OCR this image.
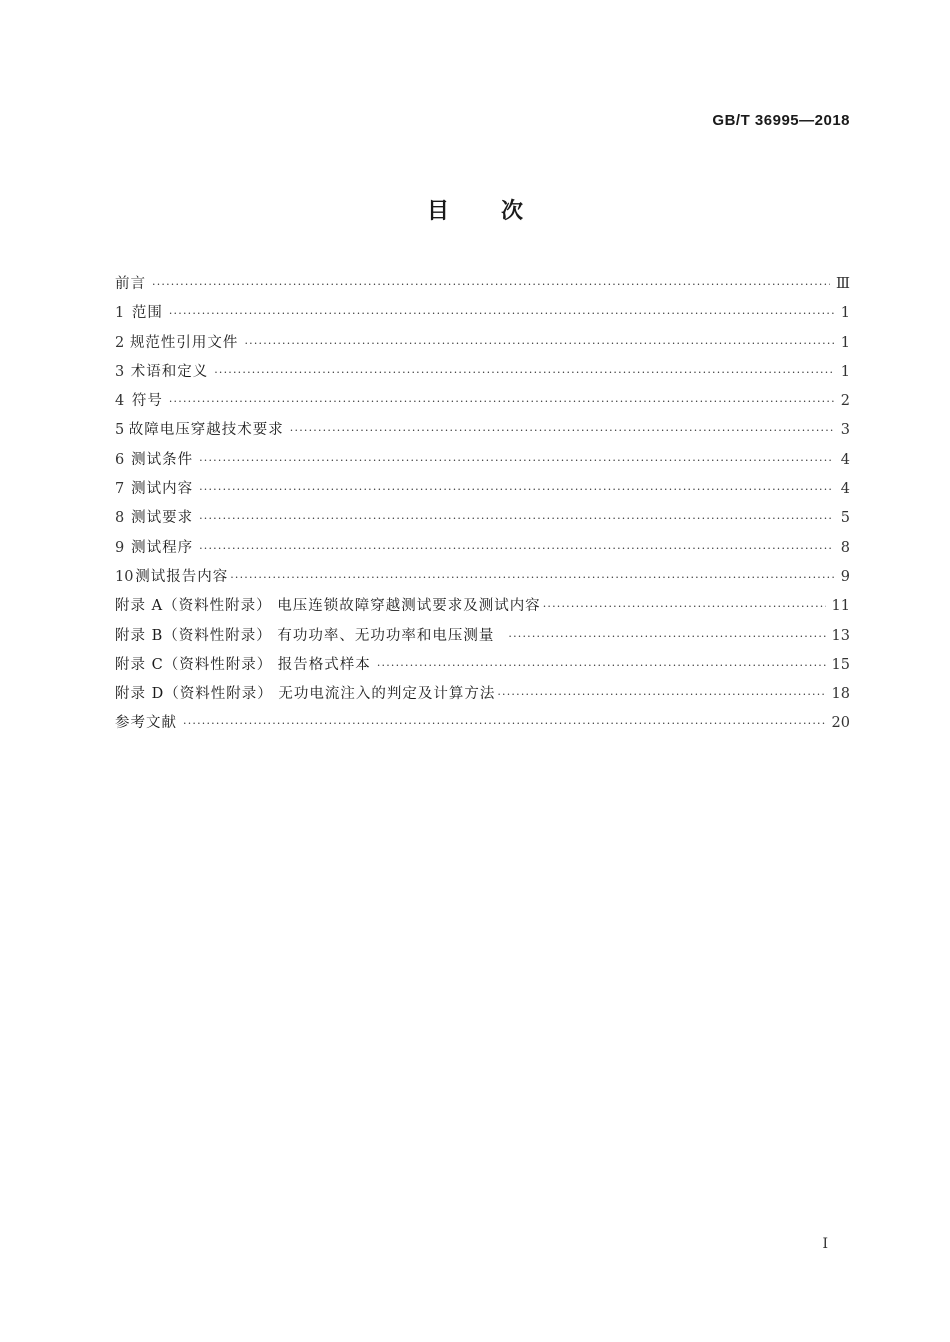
GB/T 36995—2018
目 次
前言 ·····	Ⅲ
1 范围 ·····	1
2 规范性引用文件 ·····	1
3 术语和定义 ·····	1
4 符号 ·····	2
5 故障电压穿越技术要求 ·····	3
6 测试条件 ·····	4
7 测试内容 ·····	4
8 测试要求 ·····	5
9 测试程序 ·····	8
10 测试报告内容 ·····	9
附录 A（资料性附录） 电压连锁故障穿越测试要求及测试内容 ·····	11
附录 B（资料性附录） 有功功率、无功功率和电压测量 ·····	13
附录 C（资料性附录） 报告格式样本 ·····	15
附录 D（资料性附录） 无功电流注入的判定及计算方法 ·····	18
参考文献 ·····	20
Ⅰ
